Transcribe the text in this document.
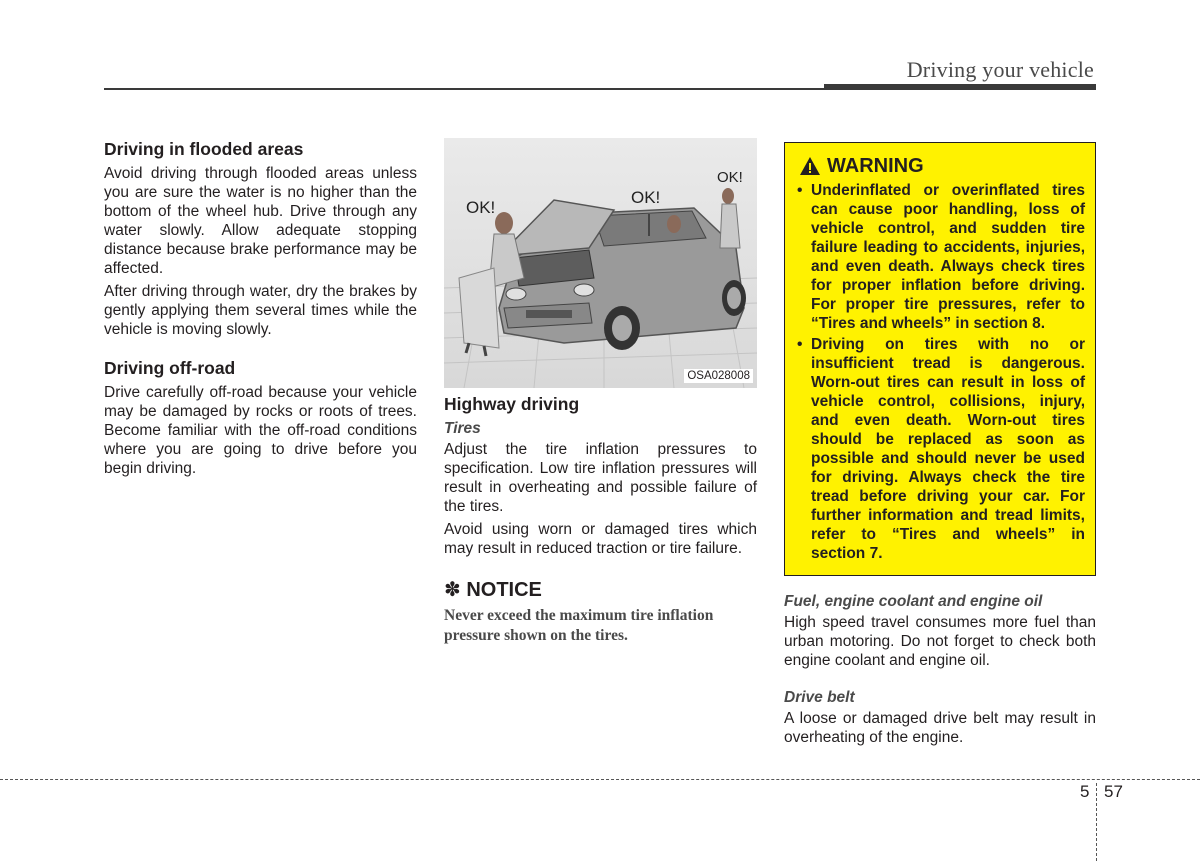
Driving your vehicle
Driving in flooded areas

Avoid driving through flooded areas unless you are sure the water is no higher than the bottom of the wheel hub. Drive through any water slowly. Allow adequate stopping distance because brake performance may be affected.

After driving through water, dry the brakes by gently applying them several times while the vehicle is moving slowly.

Driving off-road

Drive carefully off-road because your vehicle may be damaged by rocks or roots of trees. Become familiar with the off-road conditions where you are going to drive before you begin driving.

OK!
OK!
OK!
OSA028008
Highway driving
Tires

Adjust the tire inflation pressures to specification. Low tire inflation pressures will result in overheating and possible failure of the tires.

Avoid using worn or damaged tires which may result in reduced traction or tire failure.

✽ NOTICE

Never exceed the maximum tire inflation pressure shown on the tires.

WARNING
• Underinflated or overinflated tires can cause poor handling, loss of vehicle control, and sudden tire failure leading to accidents, injuries, and even death. Always check tires for proper inflation before driving. For proper tire pressures, refer to “Tires and wheels” in section 8.
• Driving on tires with no or insufficient tread is dangerous. Worn-out tires can result in loss of vehicle control, collisions, injury, and even death. Worn-out tires should be replaced as soon as possible and should never be used for driving. Always check the tire tread before driving your car. For further information and tread limits, refer to “Tires and wheels” in section 7.
Fuel, engine coolant and engine oil

High speed travel consumes more fuel than urban motoring. Do not forget to check both engine coolant and engine oil.

Drive belt

A loose or damaged drive belt may result in overheating of the engine.

5 57
